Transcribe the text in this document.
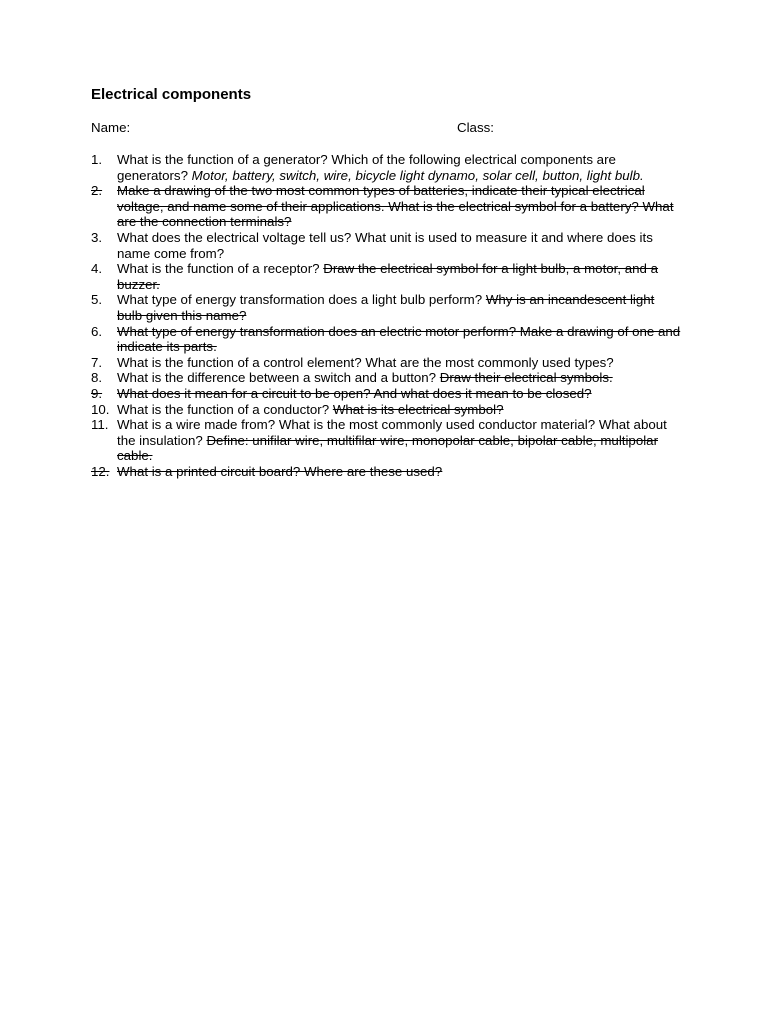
Electrical components
Name:	Class:
1. What is the function of a generator? Which of the following electrical components are generators? Motor, battery, switch, wire, bicycle light dynamo, solar cell, button, light bulb.
2. Make a drawing of the two most common types of batteries, indicate their typical electrical voltage, and name some of their applications. What is the electrical symbol for a battery? What are the connection terminals?
3. What does the electrical voltage tell us? What unit is used to measure it and where does its name come from?
4. What is the function of a receptor? Draw the electrical symbol for a light bulb, a motor, and a buzzer.
5. What type of energy transformation does a light bulb perform? Why is an incandescent light bulb given this name?
6. What type of energy transformation does an electric motor perform? Make a drawing of one and indicate its parts.
7. What is the function of a control element? What are the most commonly used types?
8. What is the difference between a switch and a button? Draw their electrical symbols.
9. What does it mean for a circuit to be open? And what does it mean to be closed?
10. What is the function of a conductor? What is its electrical symbol?
11. What is a wire made from? What is the most commonly used conductor material? What about the insulation? Define: unifilar wire, multifilar wire, monopolar cable, bipolar cable, multipolar cable.
12. What is a printed circuit board? Where are these used?
